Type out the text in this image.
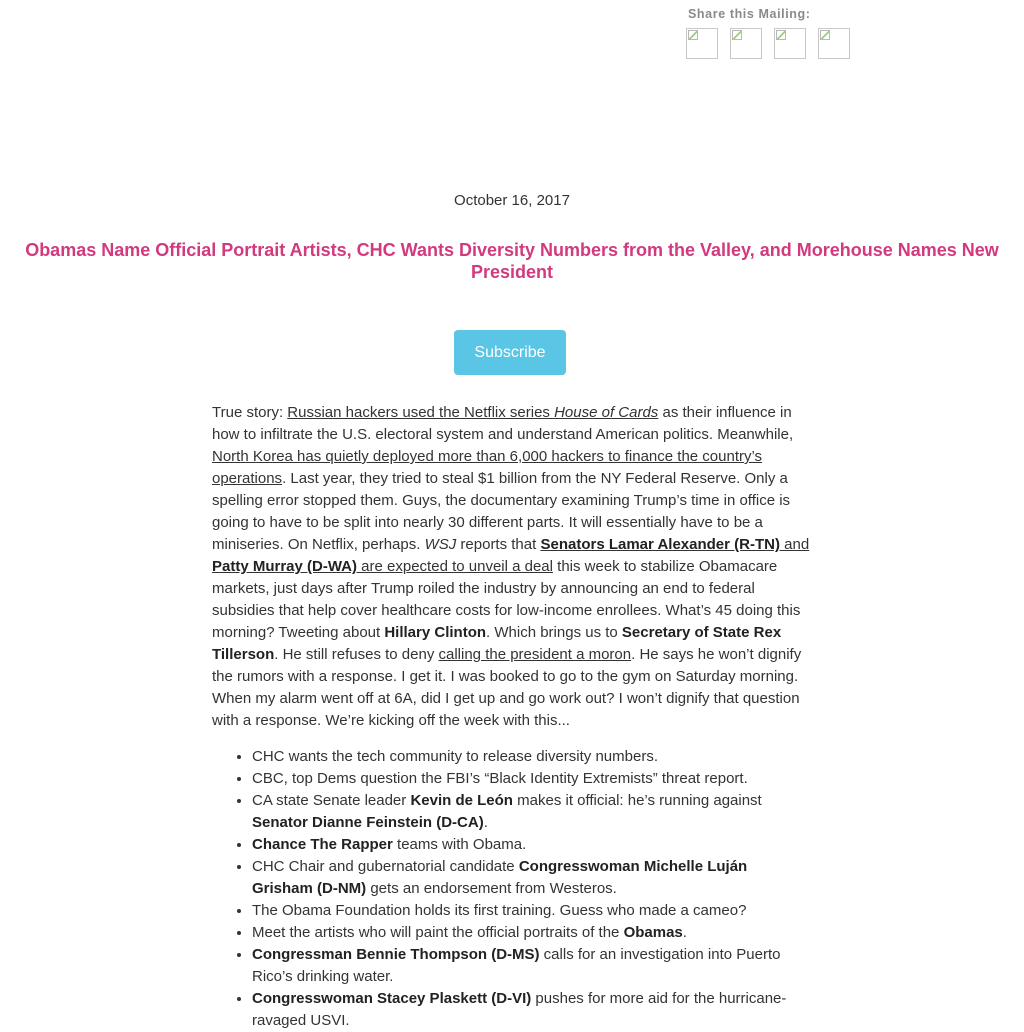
Share this Mailing:
October 16, 2017
Obamas Name Official Portrait Artists, CHC Wants Diversity Numbers from the Valley, and Morehouse Names New
President
Subscribe

True story: Russian hackers used the Netflix series House of Cards as their influence in how to infiltrate the U.S. electoral system and understand American politics. Meanwhile, North Korea has quietly deployed more than 6,000 hackers to finance the country’s operations. Last year, they tried to steal $1 billion from the NY Federal Reserve. Only a spelling error stopped them. Guys, the documentary examining Trump’s time in office is going to have to be split into nearly 30 different parts. It will essentially have to be a miniseries. On Netflix, perhaps. WSJ reports that Senators Lamar Alexander (R-TN) and Patty Murray (D-WA) are expected to unveil a deal this week to stabilize Obamacare markets, just days after Trump roiled the industry by announcing an end to federal subsidies that help cover healthcare costs for low-income enrollees. What’s 45 doing this morning? Tweeting about Hillary Clinton. Which brings us to Secretary of State Rex Tillerson. He still refuses to deny calling the president a moron. He says he won’t dignify the rumors with a response. I get it. I was booked to go to the gym on Saturday morning. When my alarm went off at 6A, did I get up and go work out? I won’t dignify that question with a response. We’re kicking off the week with this...

• CHC wants the tech community to release diversity numbers.
• CBC, top Dems question the FBI’s “Black Identity Extremists” threat report.
• CA state Senate leader Kevin de León makes it official: he’s running against Senator Dianne Feinstein (D-CA).
• Chance The Rapper teams with Obama.
• CHC Chair and gubernatorial candidate Congresswoman Michelle Luján Grisham (D-NM) gets an endorsement from Westeros.
• The Obama Foundation holds its first training. Guess who made a cameo?
• Meet the artists who will paint the official portraits of the Obamas.
• Congressman Bennie Thompson (D-MS) calls for an investigation into Puerto Rico’s drinking water.
• Congresswoman Stacey Plaskett (D-VI) pushes for more aid for the hurricane-ravaged USVI.
